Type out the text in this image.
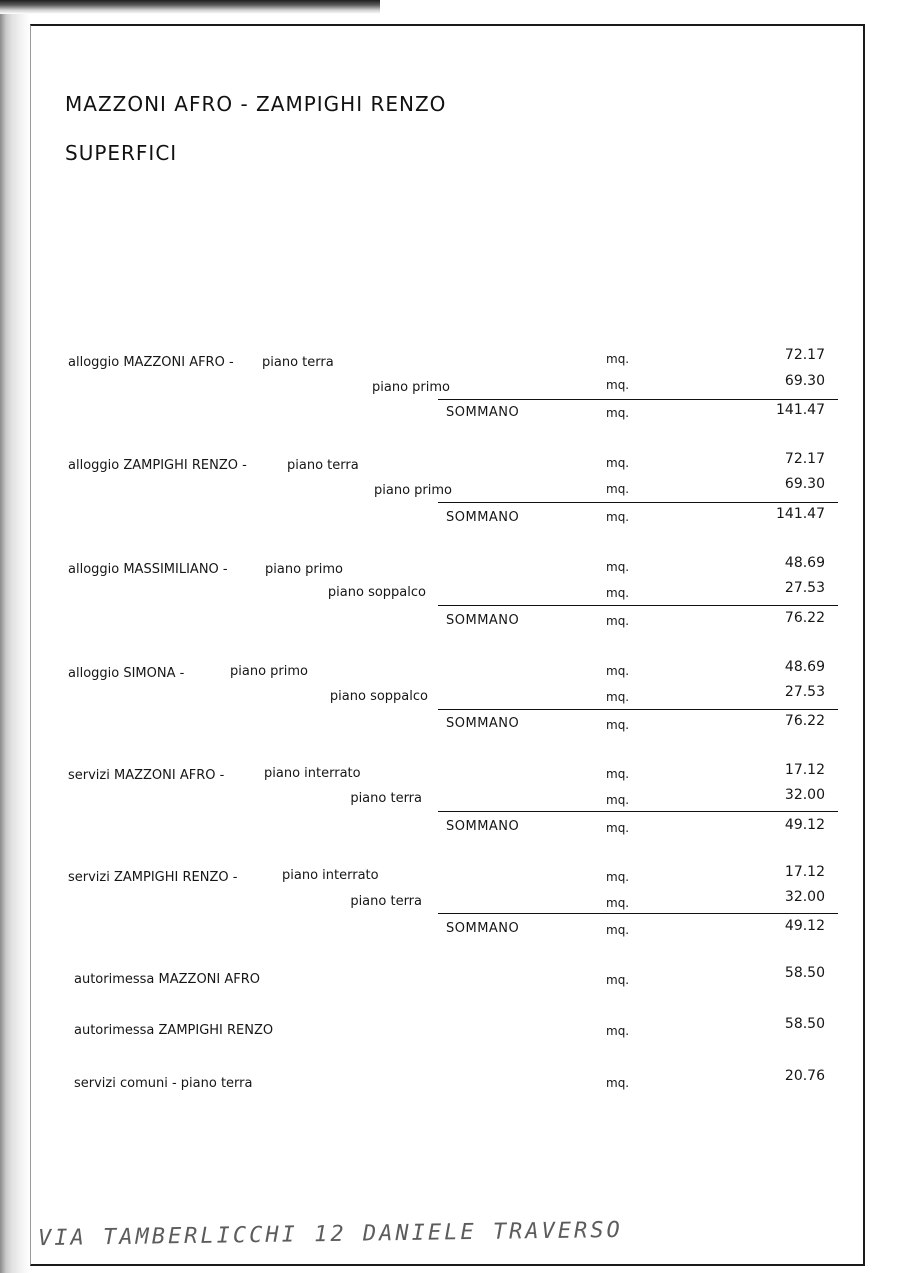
MAZZONI AFRO - ZAMPIGHI RENZO
SUPERFICI
alloggio MAZZONI AFRO - piano terra	mq.	72.17
piano primo	mq.	69.30
SOMMANO	mq.	141.47
alloggio ZAMPIGHI RENZO -	piano terra	mq.	72.17
piano primo	mq.	69.30
SOMMANO	mq.	141.47
alloggio MASSIMILIANO -	piano primo	mq.	48.69
piano soppalco	mq.	27.53
SOMMANO	mq.	76.22
alloggio SIMONA -	piano primo	mq.	48.69
piano soppalco	mq.	27.53
SOMMANO	mq.	76.22
servizi MAZZONI AFRO -	piano interrato	mq.	17.12
piano terra	mq.	32.00
SOMMANO	mq.	49.12
servizi ZAMPIGHI RENZO -	piano interrato	mq.	17.12
piano terra	mq.	32.00
SOMMANO	mq.	49.12
autorimessa MAZZONI AFRO	mq.	58.50
autorimessa ZAMPIGHI RENZO	mq.	58.50
servizi comuni - piano terra	mq.	20.76
VIA TAMBERLICCHI 12 DANIELE TRAVERSO
